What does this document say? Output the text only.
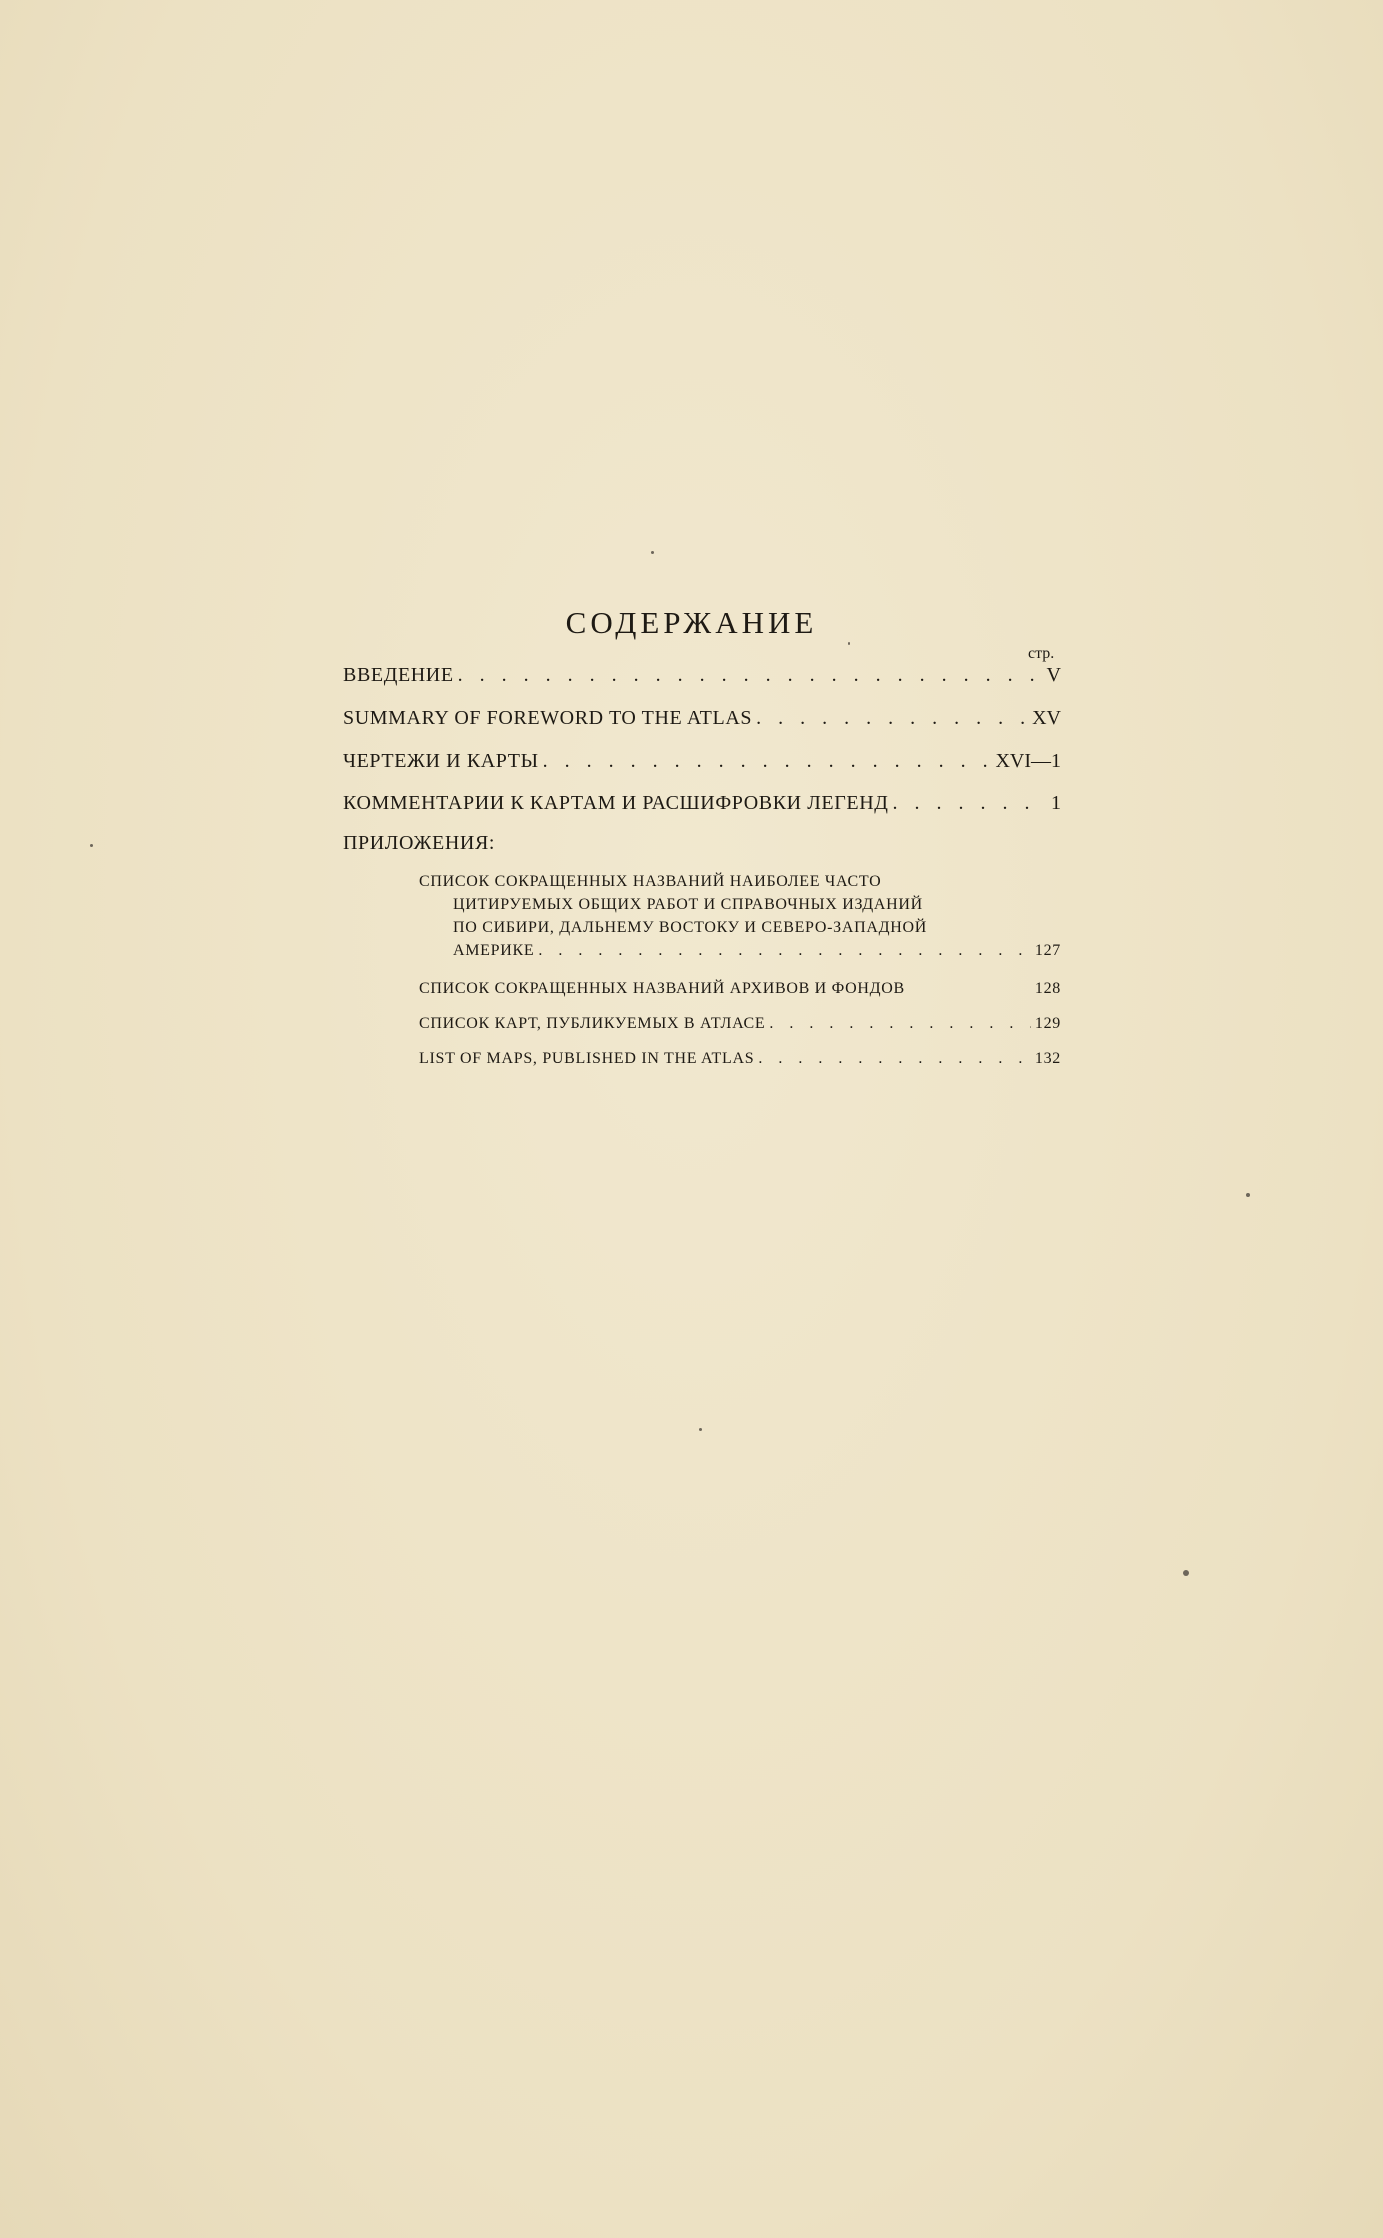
СОДЕРЖАНИЕ
стр.
ВВЕДЕНИЕ . . .	V
SUMMARY OF FOREWORD TO THE ATLAS . . .	XV
ЧЕРТЕЖИ И КАРТЫ . . .	XVI—1
КОММЕНТАРИИ К КАРТАМ И РАСШИФРОВКИ ЛЕГЕНД . . .	1
ПРИЛОЖЕНИЯ:
СПИСОК СОКРАЩЕННЫХ НАЗВАНИЙ НАИБОЛЕЕ ЧАСТО
ЦИТИРУЕМЫХ ОБЩИХ РАБОТ И СПРАВОЧНЫХ ИЗДАНИЙ
ПО СИБИРИ, ДАЛЬНЕМУ ВОСТОКУ И СЕВЕРО-ЗАПАДНОЙ
АМЕРИКЕ . . .	127
СПИСОК СОКРАЩЕННЫХ НАЗВАНИЙ АРХИВОВ И ФОНДОВ	128
СПИСОК КАРТ, ПУБЛИКУЕМЫХ В АТЛАСЕ . . .	129
LIST OF MAPS, PUBLISHED IN THE ATLAS . . .	132
